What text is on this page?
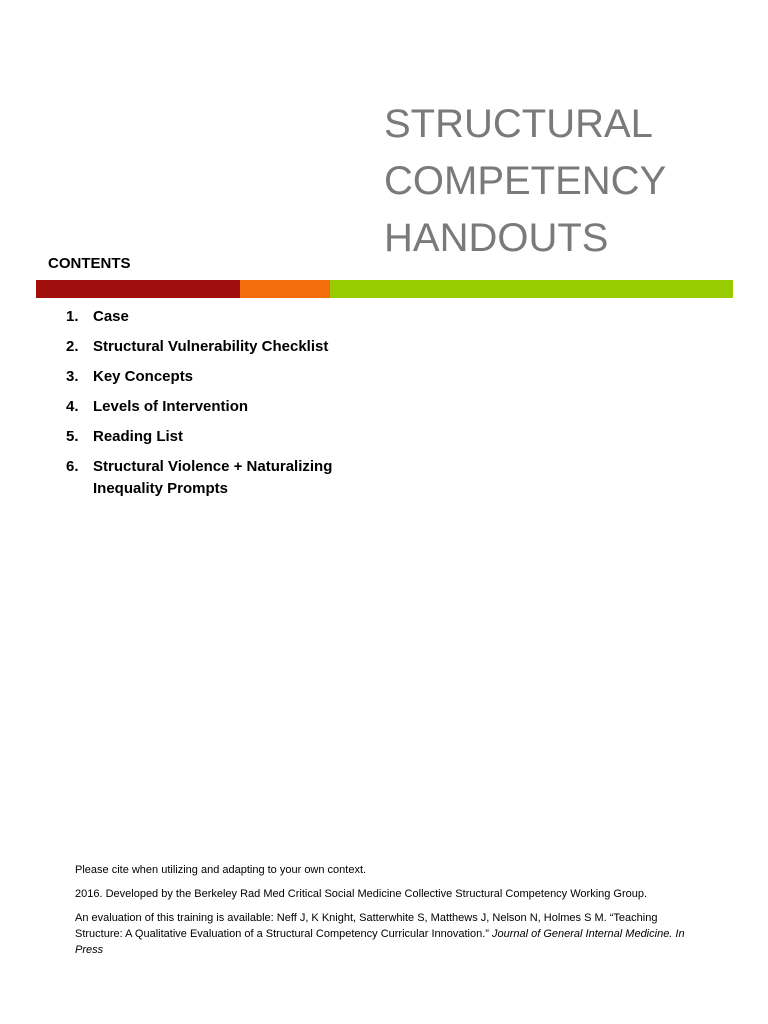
STRUCTURAL
COMPETENCY
HANDOUTS
CONTENTS
1. Case
2. Structural Vulnerability Checklist
3. Key Concepts
4. Levels of Intervention
5. Reading List
6. Structural Violence + Naturalizing Inequality Prompts

Please cite when utilizing and adapting to your own context.

2016. Developed by the Berkeley Rad Med Critical Social Medicine Collective Structural Competency Working Group.

An evaluation of this training is available: Neff J, K Knight, Satterwhite S, Matthews J, Nelson N, Holmes S M. “Teaching Structure: A Qualitative Evaluation of a Structural Competency Curricular Innovation.” Journal of General Internal Medicine. In Press
